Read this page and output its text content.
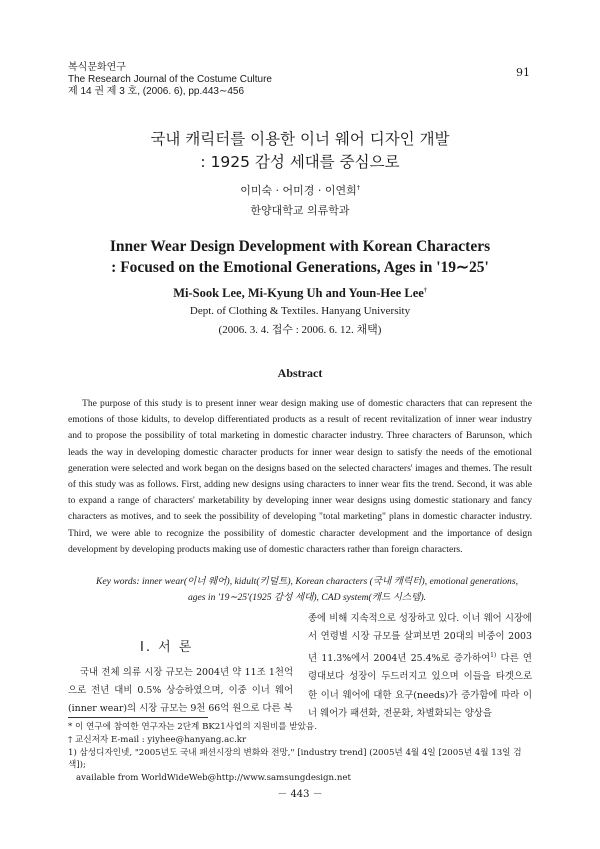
복식문화연구
The Research Journal of the Costume Culture
제 14 권 제 3 호, (2006. 6), pp.443∼456
91
국내 캐릭터를 이용한 이너 웨어 디자인 개발
: 1925 감성 세대를 중심으로
이미숙 · 어미경 · 이연희†
한양대학교 의류학과
Inner Wear Design Development with Korean Characters
: Focused on the Emotional Generations, Ages in '19∼25'
Mi-Sook Lee, Mi-Kyung Uh and Youn-Hee Lee†
Dept. of Clothing & Textiles. Hanyang University
(2006. 3. 4. 접수 : 2006. 6. 12. 채택)
Abstract
The purpose of this study is to present inner wear design making use of domestic characters that can represent the emotions of those kidults, to develop differentiated products as a result of recent revitalization of inner wear industry and to propose the possibility of total marketing in domestic character industry. Three characters of Barunson, which leads the way in developing domestic character products for inner wear design to satisfy the needs of the emotional generation were selected and work began on the designs based on the selected characters' images and themes. The result of this study was as follows. First, adding new designs using characters to inner wear fits the trend. Second, it was able to expand a range of characters' marketability by developing inner wear designs using domestic stationary and fancy characters as motives, and to seek the possibility of developing "total marketing" plans in domestic character industry. Third, we were able to recognize the possibility of domestic character development and the importance of design development by developing products making use of domestic characters rather than foreign characters.
Key words: inner wear(이너 웨어), kidult(키덜트), Korean characters (국내 캐릭터), emotional generations,
ages in '19∼25'(1925 감성 세대), CAD system(캐드 시스템).
Ⅰ. 서 론
국내 전체 의류 시장 규모는 2004년 약 11조 1천억으로 전년 대비 0.5% 상승하였으며, 이중 이너 웨어(inner wear)의 시장 규모는 9천 66억 원으로 다른 복
종에 비해 지속적으로 성장하고 있다. 이너 웨어 시장에서 연령별 시장 규모를 살펴보면 20대의 비중이 2003년 11.3%에서 2004년 25.4%로 증가하여$^{1)}$ 다른 연령대보다 성장이 두드러지고 있으며 이들을 타겟으로 한 이너 웨어에 대한 요구(needs)가 증가함에 따라 이너 웨어가 패션화, 전문화, 차별화되는 양상을
* 이 연구에 참여한 연구자는 2단계 BK21사업의 지원비를 받았음.
† 교신저자 E-mail : yiyhee@hanyang.ac.kr
1) 삼성디자인넷, "2005년도 국내 패션시장의 변화와 전망," [industry trend] (2005년 4월 4일 [2005년 4월 13일 검색]);
available from WorldWideWeb@http://www.samsungdesign.net
－ 443 －
